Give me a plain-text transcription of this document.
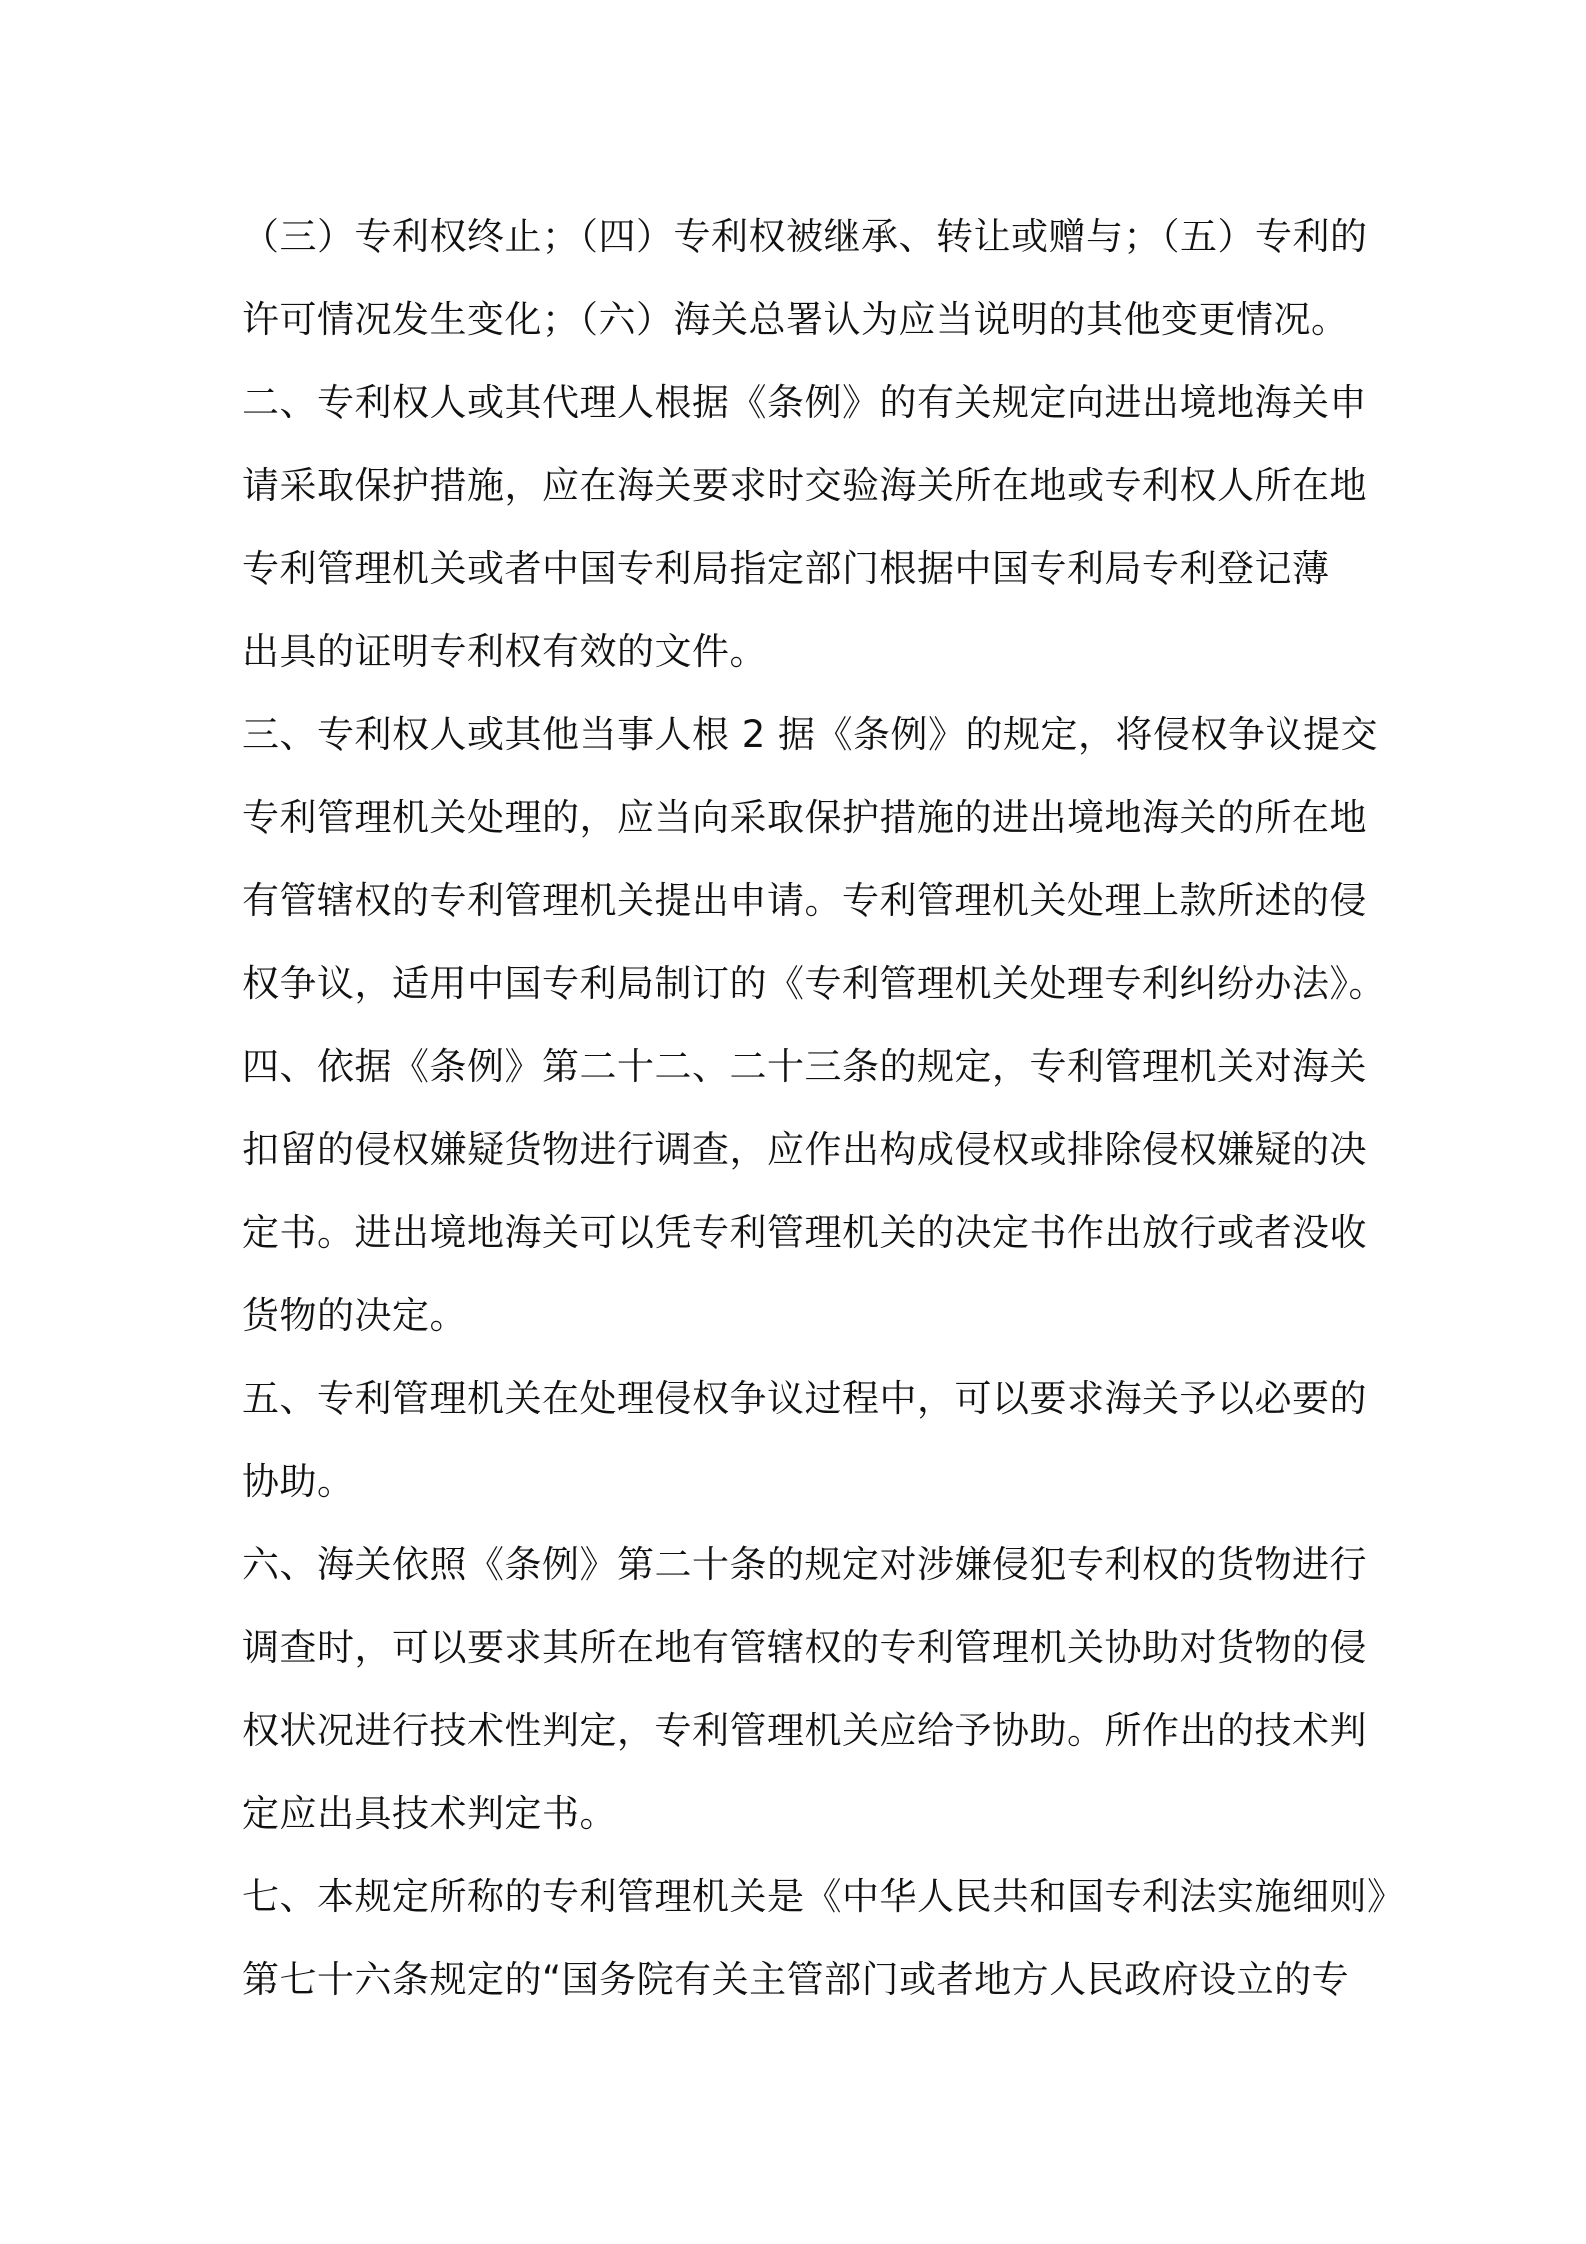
（三）专利权终止；（四）专利权被继承、转让或赠与；（五）专利的
许可情况发生变化；（六）海关总署认为应当说明的其他变更情况。
二、专利权人或其代理人根据《条例》的有关规定向进出境地海关申
请采取保护措施，应在海关要求时交验海关所在地或专利权人所在地
专利管理机关或者中国专利局指定部门根据中国专利局专利登记薄
出具的证明专利权有效的文件。
三、专利权人或其他当事人根 2 据《条例》的规定，将侵权争议提交
专利管理机关处理的，应当向采取保护措施的进出境地海关的所在地
有管辖权的专利管理机关提出申请。专利管理机关处理上款所述的侵
权争议，适用中国专利局制订的《专利管理机关处理专利纠纷办法》。
四、依据《条例》第二十二、二十三条的规定，专利管理机关对海关
扣留的侵权嫌疑货物进行调查，应作出构成侵权或排除侵权嫌疑的决
定书。进出境地海关可以凭专利管理机关的决定书作出放行或者没收
货物的决定。
五、专利管理机关在处理侵权争议过程中，可以要求海关予以必要的
协助。
六、海关依照《条例》第二十条的规定对涉嫌侵犯专利权的货物进行
调查时，可以要求其所在地有管辖权的专利管理机关协助对货物的侵
权状况进行技术性判定，专利管理机关应给予协助。所作出的技术判
定应出具技术判定书。
七、本规定所称的专利管理机关是《中华人民共和国专利法实施细则》
第七十六条规定的“国务院有关主管部门或者地方人民政府设立的专
